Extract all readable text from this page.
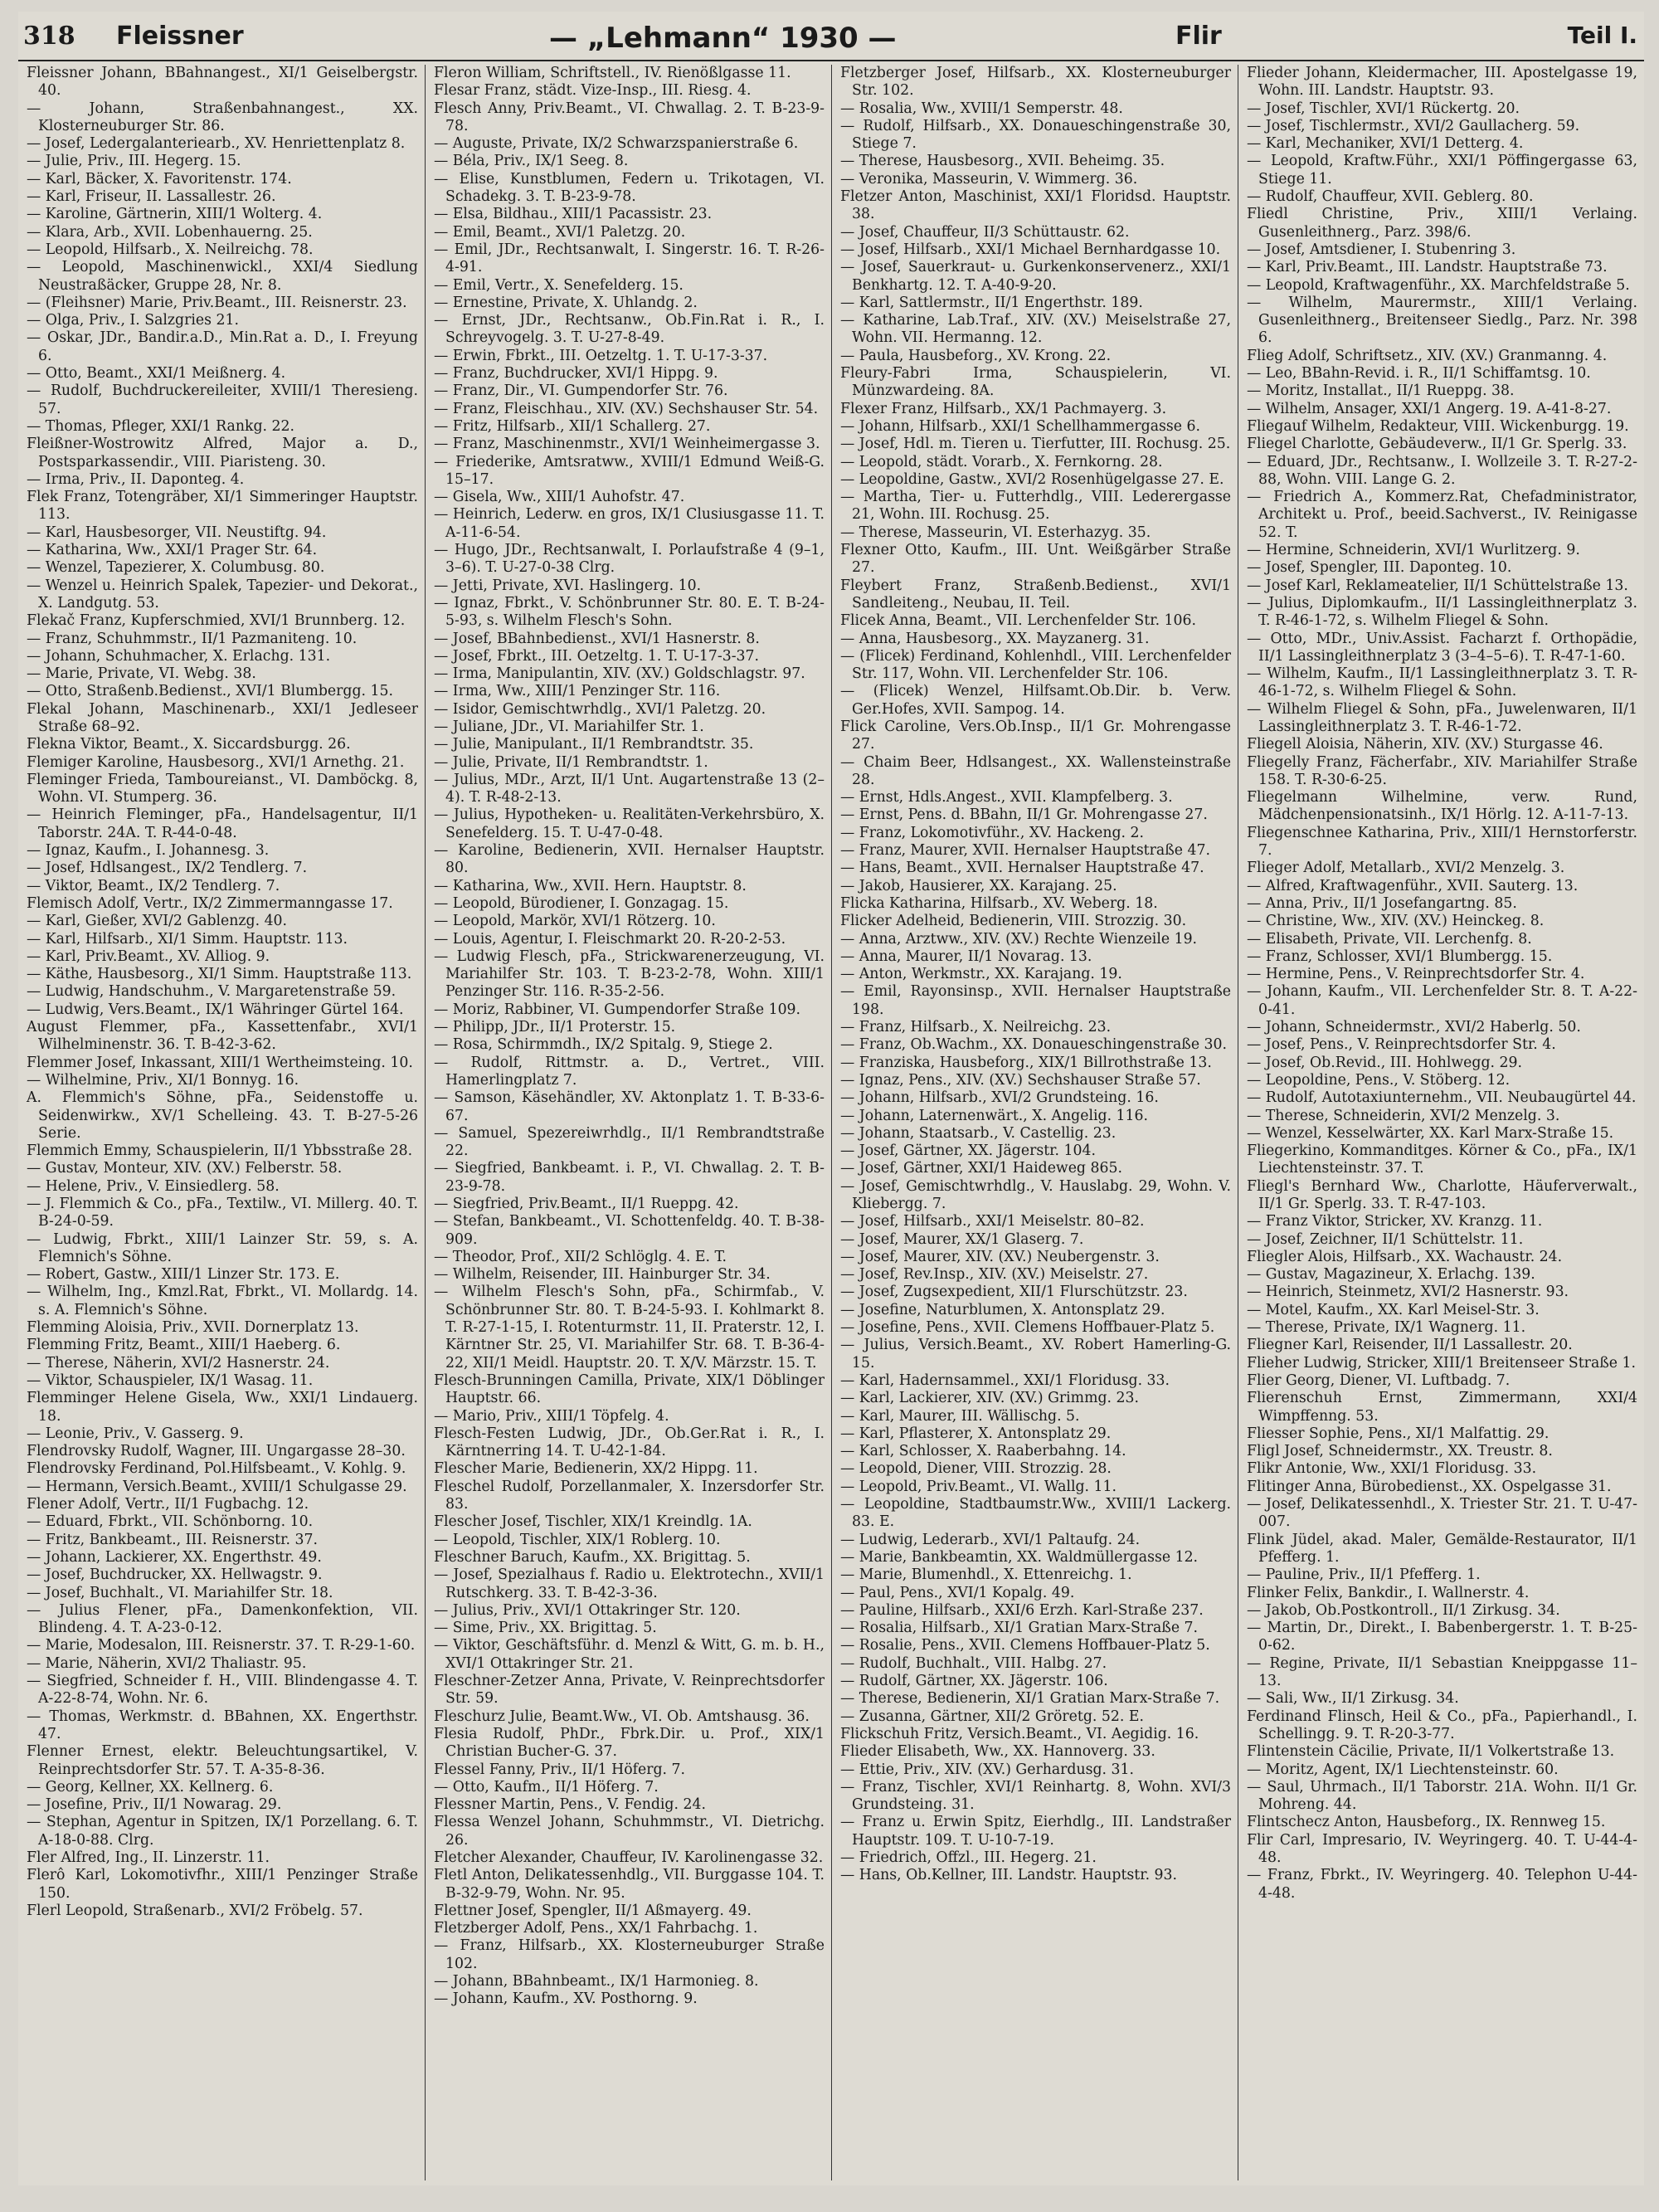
318 Fleissner	— „Lehmann“ 1930 —	Flir	Teil I.
Fleissner Johann, BBahnangest., XI/1 Geiselbergstr. 40.
— Johann, Straßenbahnangest., XX. Klosterneuburger Str. 86.
— Josef, Ledergalanteriearb., XV. Henriettenplatz 8.
— Julie, Priv., III. Hegerg. 15.
— Karl, Bäcker, X. Favoritenstr. 174.
— Karl, Friseur, II. Lassallestr. 26.
— Karoline, Gärtnerin, XIII/1 Wolterg. 4.
— Klara, Arb., XVII. Lobenhauerng. 25.
— Leopold, Hilfsarb., X. Neilreichg. 78.
— Leopold, Maschinenwickl., XXI/4 Siedlung Neustraßäcker, Gruppe 28, Nr. 8.
— (Fleihsner) Marie, Priv.Beamt., III. Reisnerstr. 23.
— Olga, Priv., I. Salzgries 21.
— Oskar, JDr., Bandir.a.D., Min.Rat a. D., I. Freyung 6.
— Otto, Beamt., XXI/1 Meißnerg. 4.
— Rudolf, Buchdruckereileiter, XVIII/1 Theresieng. 57.
— Thomas, Pfleger, XXI/1 Rankg. 22.
Fleißner-Wostrowitz Alfred, Major a. D., Postsparkassendir., VIII. Piaristeng. 30.
— Irma, Priv., II. Daponteg. 4.
Flek Franz, Totengräber, XI/1 Simmeringer Hauptstr. 113.
— Karl, Hausbesorger, VII. Neustiftg. 94.
— Katharina, Ww., XXI/1 Prager Str. 64.
— Wenzel, Tapezierer, X. Columbusg. 80.
— Wenzel u. Heinrich Spalek, Tapezier- und Dekorat., X. Landgutg. 53.
Flekač Franz, Kupferschmied, XVI/1 Brunnberg. 12.
— Franz, Schuhmmstr., II/1 Pazmaniteng. 10.
— Johann, Schuhmacher, X. Erlachg. 131.
— Marie, Private, VI. Webg. 38.
— Otto, Straßenb.Bedienst., XVI/1 Blumbergg. 15.
Flekal Johann, Maschinenarb., XXI/1 Jedleseer Straße 68–92.
Flekna Viktor, Beamt., X. Siccardsburgg. 26.
Flemiger Karoline, Hausbesorg., XVI/1 Arnethg. 21.
Fleminger Frieda, Tamboureianst., VI. Damböckg. 8, Wohn. VI. Stumperg. 36.
— Heinrich Fleminger, pFa., Handelsagentur, II/1 Taborstr. 24A. T. R-44-0-48.
— Ignaz, Kaufm., I. Johannesg. 3.
— Josef, Hdlsangest., IX/2 Tendlerg. 7.
— Viktor, Beamt., IX/2 Tendlerg. 7.
Flemisch Adolf, Vertr., IX/2 Zimmermanngasse 17.
— Karl, Gießer, XVI/2 Gablenzg. 40.
— Karl, Hilfsarb., XI/1 Simm. Hauptstr. 113.
— Karl, Priv.Beamt., XV. Alliog. 9.
— Käthe, Hausbesorg., XI/1 Simm. Hauptstraße 113.
— Ludwig, Handschuhm., V. Margaretenstraße 59.
— Ludwig, Vers.Beamt., IX/1 Währinger Gürtel 164.
August Flemmer, pFa., Kassettenfabr., XVI/1 Wilhelminenstr. 36. T. B-42-3-62.
Flemmer Josef, Inkassant, XIII/1 Wertheimsteing. 10.
— Wilhelmine, Priv., XI/1 Bonnyg. 16.
A. Flemmich's Söhne, pFa., Seidenstoffe u. Seidenwirkw., XV/1 Schelleing. 43. T. B-27-5-26 Serie.
Flemmich Emmy, Schauspielerin, II/1 Ybbsstraße 28.
— Gustav, Monteur, XIV. (XV.) Felberstr. 58.
— Helene, Priv., V. Einsiedlerg. 58.
— J. Flemmich & Co., pFa., Textilw., VI. Millerg. 40. T. B-24-0-59.
— Ludwig, Fbrkt., XIII/1 Lainzer Str. 59, s. A. Flemnich's Söhne.
— Robert, Gastw., XIII/1 Linzer Str. 173. E.
— Wilhelm, Ing., Kmzl.Rat, Fbrkt., VI. Mollardg. 14. s. A. Flemnich's Söhne.
Flemming Aloisia, Priv., XVII. Dornerplatz 13.
Flemming Fritz, Beamt., XIII/1 Haeberg. 6.
— Therese, Näherin, XVI/2 Hasnerstr. 24.
— Viktor, Schauspieler, IX/1 Wasag. 11.
Flemminger Helene Gisela, Ww., XXI/1 Lindauerg. 18.
— Leonie, Priv., V. Gasserg. 9.
Flendrovsky Rudolf, Wagner, III. Ungargasse 28–30.
Flendrovsky Ferdinand, Pol.Hilfsbeamt., V. Kohlg. 9.
— Hermann, Versich.Beamt., XVIII/1 Schulgasse 29.
Flener Adolf, Vertr., II/1 Fugbachg. 12.
— Eduard, Fbrkt., VII. Schönborng. 10.
— Fritz, Bankbeamt., III. Reisnerstr. 37.
— Johann, Lackierer, XX. Engerthstr. 49.
— Josef, Buchdrucker, XX. Hellwagstr. 9.
— Josef, Buchhalt., VI. Mariahilfer Str. 18.
— Julius Flener, pFa., Damenkonfektion, VII. Blindeng. 4. T. A-23-0-12.
— Marie, Modesalon, III. Reisnerstr. 37. T. R-29-1-60.
— Marie, Näherin, XVI/2 Thaliastr. 95.
— Siegfried, Schneider f. H., VIII. Blindengasse 4. T. A-22-8-74, Wohn. Nr. 6.
— Thomas, Werkmstr. d. BBahnen, XX. Engerthstr. 47.
Flenner Ernest, elektr. Beleuchtungsartikel, V. Reinprechtsdorfer Str. 57. T. A-35-8-36.
— Georg, Kellner, XX. Kellnerg. 6.
— Josefine, Priv., II/1 Nowarag. 29.
— Stephan, Agentur in Spitzen, IX/1 Porzellang. 6. T. A-18-0-88. Clrg.
Fler Alfred, Ing., II. Linzerstr. 11.
Flerô Karl, Lokomotivfhr., XIII/1 Penzinger Straße 150.
Flerl Leopold, Straßenarb., XVI/2 Fröbelg. 57.
Fleron William, Schriftstell., IV. Rienößlgasse 11.
Flesar Franz, städt. Vize-Insp., III. Riesg. 4.
Flesch Anny, Priv.Beamt., VI. Chwallag. 2. T. B-23-9-78.
— Auguste, Private, IX/2 Schwarzspanierstraße 6.
— Béla, Priv., IX/1 Seeg. 8.
— Elise, Kunstblumen, Federn u. Trikotagen, VI. Schadekg. 3. T. B-23-9-78.
— Elsa, Bildhau., XIII/1 Pacassistr. 23.
— Emil, Beamt., XVI/1 Paletzg. 20.
— Emil, JDr., Rechtsanwalt, I. Singerstr. 16. T. R-26-4-91.
— Emil, Vertr., X. Senefelderg. 15.
— Ernestine, Private, X. Uhlandg. 2.
— Ernst, JDr., Rechtsanw., Ob.Fin.Rat i. R., I. Schreyvogelg. 3. T. U-27-8-49.
— Erwin, Fbrkt., III. Oetzeltg. 1. T. U-17-3-37.
— Franz, Buchdrucker, XVI/1 Hippg. 9.
— Franz, Dir., VI. Gumpendorfer Str. 76.
— Franz, Fleischhau., XIV. (XV.) Sechshauser Str. 54.
— Fritz, Hilfsarb., XII/1 Schallerg. 27.
— Franz, Maschinenmstr., XVI/1 Weinheimergasse 3.
— Friederike, Amtsratww., XVIII/1 Edmund Weiß-G. 15–17.
— Gisela, Ww., XIII/1 Auhofstr. 47.
— Heinrich, Lederw. en gros, IX/1 Clusiusgasse 11. T. A-11-6-54.
— Hugo, JDr., Rechtsanwalt, I. Porlaufstraße 4 (9–1, 3–6). T. U-27-0-38 Clrg.
— Jetti, Private, XVI. Haslingerg. 10.
— Ignaz, Fbrkt., V. Schönbrunner Str. 80. E. T. B-24-5-93, s. Wilhelm Flesch's Sohn.
— Josef, BBahnbedienst., XVI/1 Hasnerstr. 8.
— Josef, Fbrkt., III. Oetzeltg. 1. T. U-17-3-37.
— Irma, Manipulantin, XIV. (XV.) Goldschlagstr. 97.
— Irma, Ww., XIII/1 Penzinger Str. 116.
— Isidor, Gemischtwrhdlg., XVI/1 Paletzg. 20.
— Juliane, JDr., VI. Mariahilfer Str. 1.
— Julie, Manipulant., II/1 Rembrandtstr. 35.
— Julie, Private, II/1 Rembrandtstr. 1.
— Julius, MDr., Arzt, II/1 Unt. Augartenstraße 13 (2–4). T. R-48-2-13.
— Julius, Hypotheken- u. Realitäten-Verkehrsbüro, X. Senefelderg. 15. T. U-47-0-48.
— Karoline, Bedienerin, XVII. Hernalser Hauptstr. 80.
— Katharina, Ww., XVII. Hern. Hauptstr. 8.
— Leopold, Bürodiener, I. Gonzagag. 15.
— Leopold, Markör, XVI/1 Rötzerg. 10.
— Louis, Agentur, I. Fleischmarkt 20. R-20-2-53.
— Ludwig Flesch, pFa., Strickwarenerzeugung, VI. Mariahilfer Str. 103. T. B-23-2-78, Wohn. XIII/1 Penzinger Str. 116. R-35-2-56.
— Moriz, Rabbiner, VI. Gumpendorfer Straße 109.
— Philipp, JDr., II/1 Proterstr. 15.
— Rosa, Schirmmdh., IX/2 Spitalg. 9, Stiege 2.
— Rudolf, Rittmstr. a. D., Vertret., VIII. Hamerlingplatz 7.
— Samson, Käsehändler, XV. Aktonplatz 1. T. B-33-6-67.
— Samuel, Spezereiwrhdlg., II/1 Rembrandtstraße 22.
— Siegfried, Bankbeamt. i. P., VI. Chwallag. 2. T. B-23-9-78.
— Siegfried, Priv.Beamt., II/1 Rueppg. 42.
— Stefan, Bankbeamt., VI. Schottenfeldg. 40. T. B-38-909.
— Theodor, Prof., XII/2 Schlöglg. 4. E. T.
— Wilhelm, Reisender, III. Hainburger Str. 34.
— Wilhelm Flesch's Sohn, pFa., Schirmfab., V. Schönbrunner Str. 80. T. B-24-5-93. I. Kohlmarkt 8. T. R-27-1-15, I. Rotenturmstr. 11, II. Praterstr. 12, I. Kärntner Str. 25, VI. Mariahilfer Str. 68. T. B-36-4-22, XII/1 Meidl. Hauptstr. 20. T. X/V. Märzstr. 15. T.
Flesch-Brunningen Camilla, Private, XIX/1 Döblinger Hauptstr. 66.
— Mario, Priv., XIII/1 Töpfelg. 4.
Flesch-Festen Ludwig, JDr., Ob.Ger.Rat i. R., I. Kärntnerring 14. T. U-42-1-84.
Flescher Marie, Bedienerin, XX/2 Hippg. 11.
Fleschel Rudolf, Porzellanmaler, X. Inzersdorfer Str. 83.
Flescher Josef, Tischler, XIX/1 Kreindlg. 1A.
— Leopold, Tischler, XIX/1 Roblerg. 10.
Fleschner Baruch, Kaufm., XX. Brigittag. 5.
— Josef, Spezialhaus f. Radio u. Elektrotechn., XVII/1 Rutschkerg. 33. T. B-42-3-36.
— Julius, Priv., XVI/1 Ottakringer Str. 120.
— Sime, Priv., XX. Brigittag. 5.
— Viktor, Geschäftsführ. d. Menzl & Witt, G. m. b. H., XVI/1 Ottakringer Str. 21.
Fleschner-Zetzer Anna, Private, V. Reinprechtsdorfer Str. 59.
Fleschurz Julie, Beamt.Ww., VI. Ob. Amtshausg. 36.
Flesia Rudolf, PhDr., Fbrk.Dir. u. Prof., XIX/1 Christian Bucher-G. 37.
Flessel Fanny, Priv., II/1 Höferg. 7.
— Otto, Kaufm., II/1 Höferg. 7.
Flessner Martin, Pens., V. Fendig. 24.
Flessa Wenzel Johann, Schuhmmstr., VI. Dietrichg. 26.
Fletcher Alexander, Chauffeur, IV. Karolinengasse 32.
Fletl Anton, Delikatessenhdlg., VII. Burggasse 104. T. B-32-9-79, Wohn. Nr. 95.
Flettner Josef, Spengler, II/1 Aßmayerg. 49.
Fletzberger Adolf, Pens., XX/1 Fahrbachg. 1.
— Franz, Hilfsarb., XX. Klosterneuburger Straße 102.
— Johann, BBahnbeamt., IX/1 Harmonieg. 8.
— Johann, Kaufm., XV. Posthorng. 9.
Fletzberger Josef, Hilfsarb., XX. Klosterneuburger Str. 102.
— Rosalia, Ww., XVIII/1 Semperstr. 48.
— Rudolf, Hilfsarb., XX. Donaueschingenstraße 30, Stiege 7.
— Therese, Hausbesorg., XVII. Beheimg. 35.
— Veronika, Masseurin, V. Wimmerg. 36.
Fletzer Anton, Maschinist, XXI/1 Floridsd. Hauptstr. 38.
— Josef, Chauffeur, II/3 Schüttaustr. 62.
— Josef, Hilfsarb., XXI/1 Michael Bernhardgasse 10.
— Josef, Sauerkraut- u. Gurkenkonservenerz., XXI/1 Benkhartg. 12. T. A-40-9-20.
— Karl, Sattlermstr., II/1 Engerthstr. 189.
— Katharine, Lab.Traf., XIV. (XV.) Meiselstraße 27, Wohn. VII. Hermanng. 12.
— Paula, Hausbeforg., XV. Krong. 22.
Fleury-Fabri Irma, Schauspielerin, VI. Münzwardeing. 8A.
Flexer Franz, Hilfsarb., XX/1 Pachmayerg. 3.
— Johann, Hilfsarb., XXI/1 Schellhammergasse 6.
— Josef, Hdl. m. Tieren u. Tierfutter, III. Rochusg. 25.
— Leopold, städt. Vorarb., X. Fernkorng. 28.
— Leopoldine, Gastw., XVI/2 Rosenhügelgasse 27. E.
— Martha, Tier- u. Futterhdlg., VIII. Lederergasse 21, Wohn. III. Rochusg. 25.
— Therese, Masseurin, VI. Esterhazyg. 35.
Flexner Otto, Kaufm., III. Unt. Weißgärber Straße 27.
Fleybert Franz, Straßenb.Bedienst., XVI/1 Sandleiteng., Neubau, II. Teil.
Flicek Anna, Beamt., VII. Lerchenfelder Str. 106.
— Anna, Hausbesorg., XX. Mayzanerg. 31.
— (Flicek) Ferdinand, Kohlenhdl., VIII. Lerchenfelder Str. 117, Wohn. VII. Lerchenfelder Str. 106.
— (Flicek) Wenzel, Hilfsamt.Ob.Dir. b. Verw. Ger.Hofes, XVII. Sampog. 14.
Flick Caroline, Vers.Ob.Insp., II/1 Gr. Mohrengasse 27.
— Chaim Beer, Hdlsangest., XX. Wallensteinstraße 28.
— Ernst, Hdls.Angest., XVII. Klampfelberg. 3.
— Ernst, Pens. d. BBahn, II/1 Gr. Mohrengasse 27.
— Franz, Lokomotivführ., XV. Hackeng. 2.
— Franz, Maurer, XVII. Hernalser Hauptstraße 47.
— Hans, Beamt., XVII. Hernalser Hauptstraße 47.
— Jakob, Hausierer, XX. Karajang. 25.
Flicka Katharina, Hilfsarb., XV. Weberg. 18.
Flicker Adelheid, Bedienerin, VIII. Strozzig. 30.
— Anna, Arztww., XIV. (XV.) Rechte Wienzeile 19.
— Anna, Maurer, II/1 Novarag. 13.
— Anton, Werkmstr., XX. Karajang. 19.
— Emil, Rayonsinsp., XVII. Hernalser Hauptstraße 198.
— Franz, Hilfsarb., X. Neilreichg. 23.
— Franz, Ob.Wachm., XX. Donaueschingenstraße 30.
— Franziska, Hausbeforg., XIX/1 Billrothstraße 13.
— Ignaz, Pens., XIV. (XV.) Sechshauser Straße 57.
— Johann, Hilfsarb., XVI/2 Grundsteing. 16.
— Johann, Laternenwärt., X. Angelig. 116.
— Johann, Staatsarb., V. Castellig. 23.
— Josef, Gärtner, XX. Jägerstr. 104.
— Josef, Gärtner, XXI/1 Haideweg 865.
— Josef, Gemischtwrhdlg., V. Hauslabg. 29, Wohn. V. Kliebergg. 7.
— Josef, Hilfsarb., XXI/1 Meiselstr. 80–82.
— Josef, Maurer, XX/1 Glaserg. 7.
— Josef, Maurer, XIV. (XV.) Neubergenstr. 3.
— Josef, Rev.Insp., XIV. (XV.) Meiselstr. 27.
— Josef, Zugsexpedient, XII/1 Flurschützstr. 23.
— Josefine, Naturblumen, X. Antonsplatz 29.
— Josefine, Pens., XVII. Clemens Hoffbauer-Platz 5.
— Julius, Versich.Beamt., XV. Robert Hamerling-G. 15.
— Karl, Hadernsammel., XXI/1 Floridusg. 33.
— Karl, Lackierer, XIV. (XV.) Grimmg. 23.
— Karl, Maurer, III. Wällischg. 5.
— Karl, Pflasterer, X. Antonsplatz 29.
— Karl, Schlosser, X. Raaberbahng. 14.
— Leopold, Diener, VIII. Strozzig. 28.
— Leopold, Priv.Beamt., VI. Wallg. 11.
— Leopoldine, Stadtbaumstr.Ww., XVIII/1 Lackerg. 83. E.
— Ludwig, Lederarb., XVI/1 Paltaufg. 24.
— Marie, Bankbeamtin, XX. Waldmüllergasse 12.
— Marie, Blumenhdl., X. Ettenreichg. 1.
— Paul, Pens., XVI/1 Kopalg. 49.
— Pauline, Hilfsarb., XXI/6 Erzh. Karl-Straße 237.
— Rosalia, Hilfsarb., XI/1 Gratian Marx-Straße 7.
— Rosalie, Pens., XVII. Clemens Hoffbauer-Platz 5.
— Rudolf, Buchhalt., VIII. Halbg. 27.
— Rudolf, Gärtner, XX. Jägerstr. 106.
— Therese, Bedienerin, XI/1 Gratian Marx-Straße 7.
— Zusanna, Gärtner, XII/2 Gröretg. 52. E.
Flickschuh Fritz, Versich.Beamt., VI. Aegidig. 16.
Flieder Elisabeth, Ww., XX. Hannoverg. 33.
— Ettie, Priv., XIV. (XV.) Gerhardusg. 31.
— Franz, Tischler, XVI/1 Reinhartg. 8, Wohn. XVI/3 Grundsteing. 31.
— Franz u. Erwin Spitz, Eierhdlg., III. Landstraßer Hauptstr. 109. T. U-10-7-19.
— Friedrich, Offzl., III. Hegerg. 21.
— Hans, Ob.Kellner, III. Landstr. Hauptstr. 93.
Flieder Johann, Kleidermacher, III. Apostelgasse 19, Wohn. III. Landstr. Hauptstr. 93.
— Josef, Tischler, XVI/1 Rückertg. 20.
— Josef, Tischlermstr., XVI/2 Gaullacherg. 59.
— Karl, Mechaniker, XVI/1 Detterg. 4.
— Leopold, Kraftw.Führ., XXI/1 Pöffingergasse 63, Stiege 11.
— Rudolf, Chauffeur, XVII. Geblerg. 80.
Fliedl Christine, Priv., XIII/1 Verlaing. Gusenleithnerg., Parz. 398/6.
— Josef, Amtsdiener, I. Stubenring 3.
— Karl, Priv.Beamt., III. Landstr. Hauptstraße 73.
— Leopold, Kraftwagenführ., XX. Marchfeldstraße 5.
— Wilhelm, Maurermstr., XIII/1 Verlaing. Gusenleithnerg., Breitenseer Siedlg., Parz. Nr. 398 6.
Flieg Adolf, Schriftsetz., XIV. (XV.) Granmanng. 4.
— Leo, BBahn-Revid. i. R., II/1 Schiffamtsg. 10.
— Moritz, Installat., II/1 Rueppg. 38.
— Wilhelm, Ansager, XXI/1 Angerg. 19. A-41-8-27.
Fliegauf Wilhelm, Redakteur, VIII. Wickenburgg. 19.
Fliegel Charlotte, Gebäudeverw., II/1 Gr. Sperlg. 33.
— Eduard, JDr., Rechtsanw., I. Wollzeile 3. T. R-27-2-88, Wohn. VIII. Lange G. 2.
— Friedrich A., Kommerz.Rat, Chefadministrator, Architekt u. Prof., beeid.Sachverst., IV. Reinigasse 52. T.
— Hermine, Schneiderin, XVI/1 Wurlitzerg. 9.
— Josef, Spengler, III. Daponteg. 10.
— Josef Karl, Reklameatelier, II/1 Schüttelstraße 13.
— Julius, Diplomkaufm., II/1 Lassingleithnerplatz 3. T. R-46-1-72, s. Wilhelm Fliegel & Sohn.
— Otto, MDr., Univ.Assist. Facharzt f. Orthopädie, II/1 Lassingleithnerplatz 3 (3–4–5–6). T. R-47-1-60.
— Wilhelm, Kaufm., II/1 Lassingleithnerplatz 3. T. R-46-1-72, s. Wilhelm Fliegel & Sohn.
— Wilhelm Fliegel & Sohn, pFa., Juwelenwaren, II/1 Lassingleithnerplatz 3. T. R-46-1-72.
Fliegell Aloisia, Näherin, XIV. (XV.) Sturgasse 46.
Fliegelly Franz, Fächerfabr., XIV. Mariahilfer Straße 158. T. R-30-6-25.
Fliegelmann Wilhelmine, verw. Rund, Mädchenpensionatsinh., IX/1 Hörlg. 12. A-11-7-13.
Fliegenschnee Katharina, Priv., XIII/1 Hernstorferstr. 7.
Flieger Adolf, Metallarb., XVI/2 Menzelg. 3.
— Alfred, Kraftwagenführ., XVII. Sauterg. 13.
— Anna, Priv., II/1 Josefangartng. 85.
— Christine, Ww., XIV. (XV.) Heinckeg. 8.
— Elisabeth, Private, VII. Lerchenfg. 8.
— Franz, Schlosser, XVI/1 Blumbergg. 15.
— Hermine, Pens., V. Reinprechtsdorfer Str. 4.
— Johann, Kaufm., VII. Lerchenfelder Str. 8. T. A-22-0-41.
— Johann, Schneidermstr., XVI/2 Haberlg. 50.
— Josef, Pens., V. Reinprechtsdorfer Str. 4.
— Josef, Ob.Revid., III. Hohlwegg. 29.
— Leopoldine, Pens., V. Stöberg. 12.
— Rudolf, Autotaxiunternehm., VII. Neubaugürtel 44.
— Therese, Schneiderin, XVI/2 Menzelg. 3.
— Wenzel, Kesselwärter, XX. Karl Marx-Straße 15.
Fliegerkino, Kommanditges. Körner & Co., pFa., IX/1 Liechtensteinstr. 37. T.
Fliegl's Bernhard Ww., Charlotte, Häuferverwalt., II/1 Gr. Sperlg. 33. T. R-47-103.
— Franz Viktor, Stricker, XV. Kranzg. 11.
— Josef, Zeichner, II/1 Schüttelstr. 11.
Fliegler Alois, Hilfsarb., XX. Wachaustr. 24.
— Gustav, Magazineur, X. Erlachg. 139.
— Heinrich, Steinmetz, XVI/2 Hasnerstr. 93.
— Motel, Kaufm., XX. Karl Meisel-Str. 3.
— Therese, Private, IX/1 Wagnerg. 11.
Fliegner Karl, Reisender, II/1 Lassallestr. 20.
Flieher Ludwig, Stricker, XIII/1 Breitenseer Straße 1.
Flier Georg, Diener, VI. Luftbadg. 7.
Flierenschuh Ernst, Zimmermann, XXI/4 Wimpffenng. 53.
Fliesser Sophie, Pens., XI/1 Malfattig. 29.
Fligl Josef, Schneidermstr., XX. Treustr. 8.
Flikr Antonie, Ww., XXI/1 Floridusg. 33.
Flitinger Anna, Bürobedienst., XX. Ospelgasse 31.
— Josef, Delikatessenhdl., X. Triester Str. 21. T. U-47-007.
Flink Jüdel, akad. Maler, Gemälde-Restaurator, II/1 Pfefferg. 1.
— Pauline, Priv., II/1 Pfefferg. 1.
Flinker Felix, Bankdir., I. Wallnerstr. 4.
— Jakob, Ob.Postkontroll., II/1 Zirkusg. 34.
— Martin, Dr., Direkt., I. Babenbergerstr. 1. T. B-25-0-62.
— Regine, Private, II/1 Sebastian Kneippgasse 11–13.
— Sali, Ww., II/1 Zirkusg. 34.
Ferdinand Flinsch, Heil & Co., pFa., Papierhandl., I. Schellingg. 9. T. R-20-3-77.
Flintenstein Cäcilie, Private, II/1 Volkertstraße 13.
— Moritz, Agent, IX/1 Liechtensteinstr. 60.
— Saul, Uhrmach., II/1 Taborstr. 21A. Wohn. II/1 Gr. Mohreng. 44.
Flintschecz Anton, Hausbeforg., IX. Rennweg 15.
Flir Carl, Impresario, IV. Weyringerg. 40. T. U-44-4-48.
— Franz, Fbrkt., IV. Weyringerg. 40. Telephon U-44-4-48.
